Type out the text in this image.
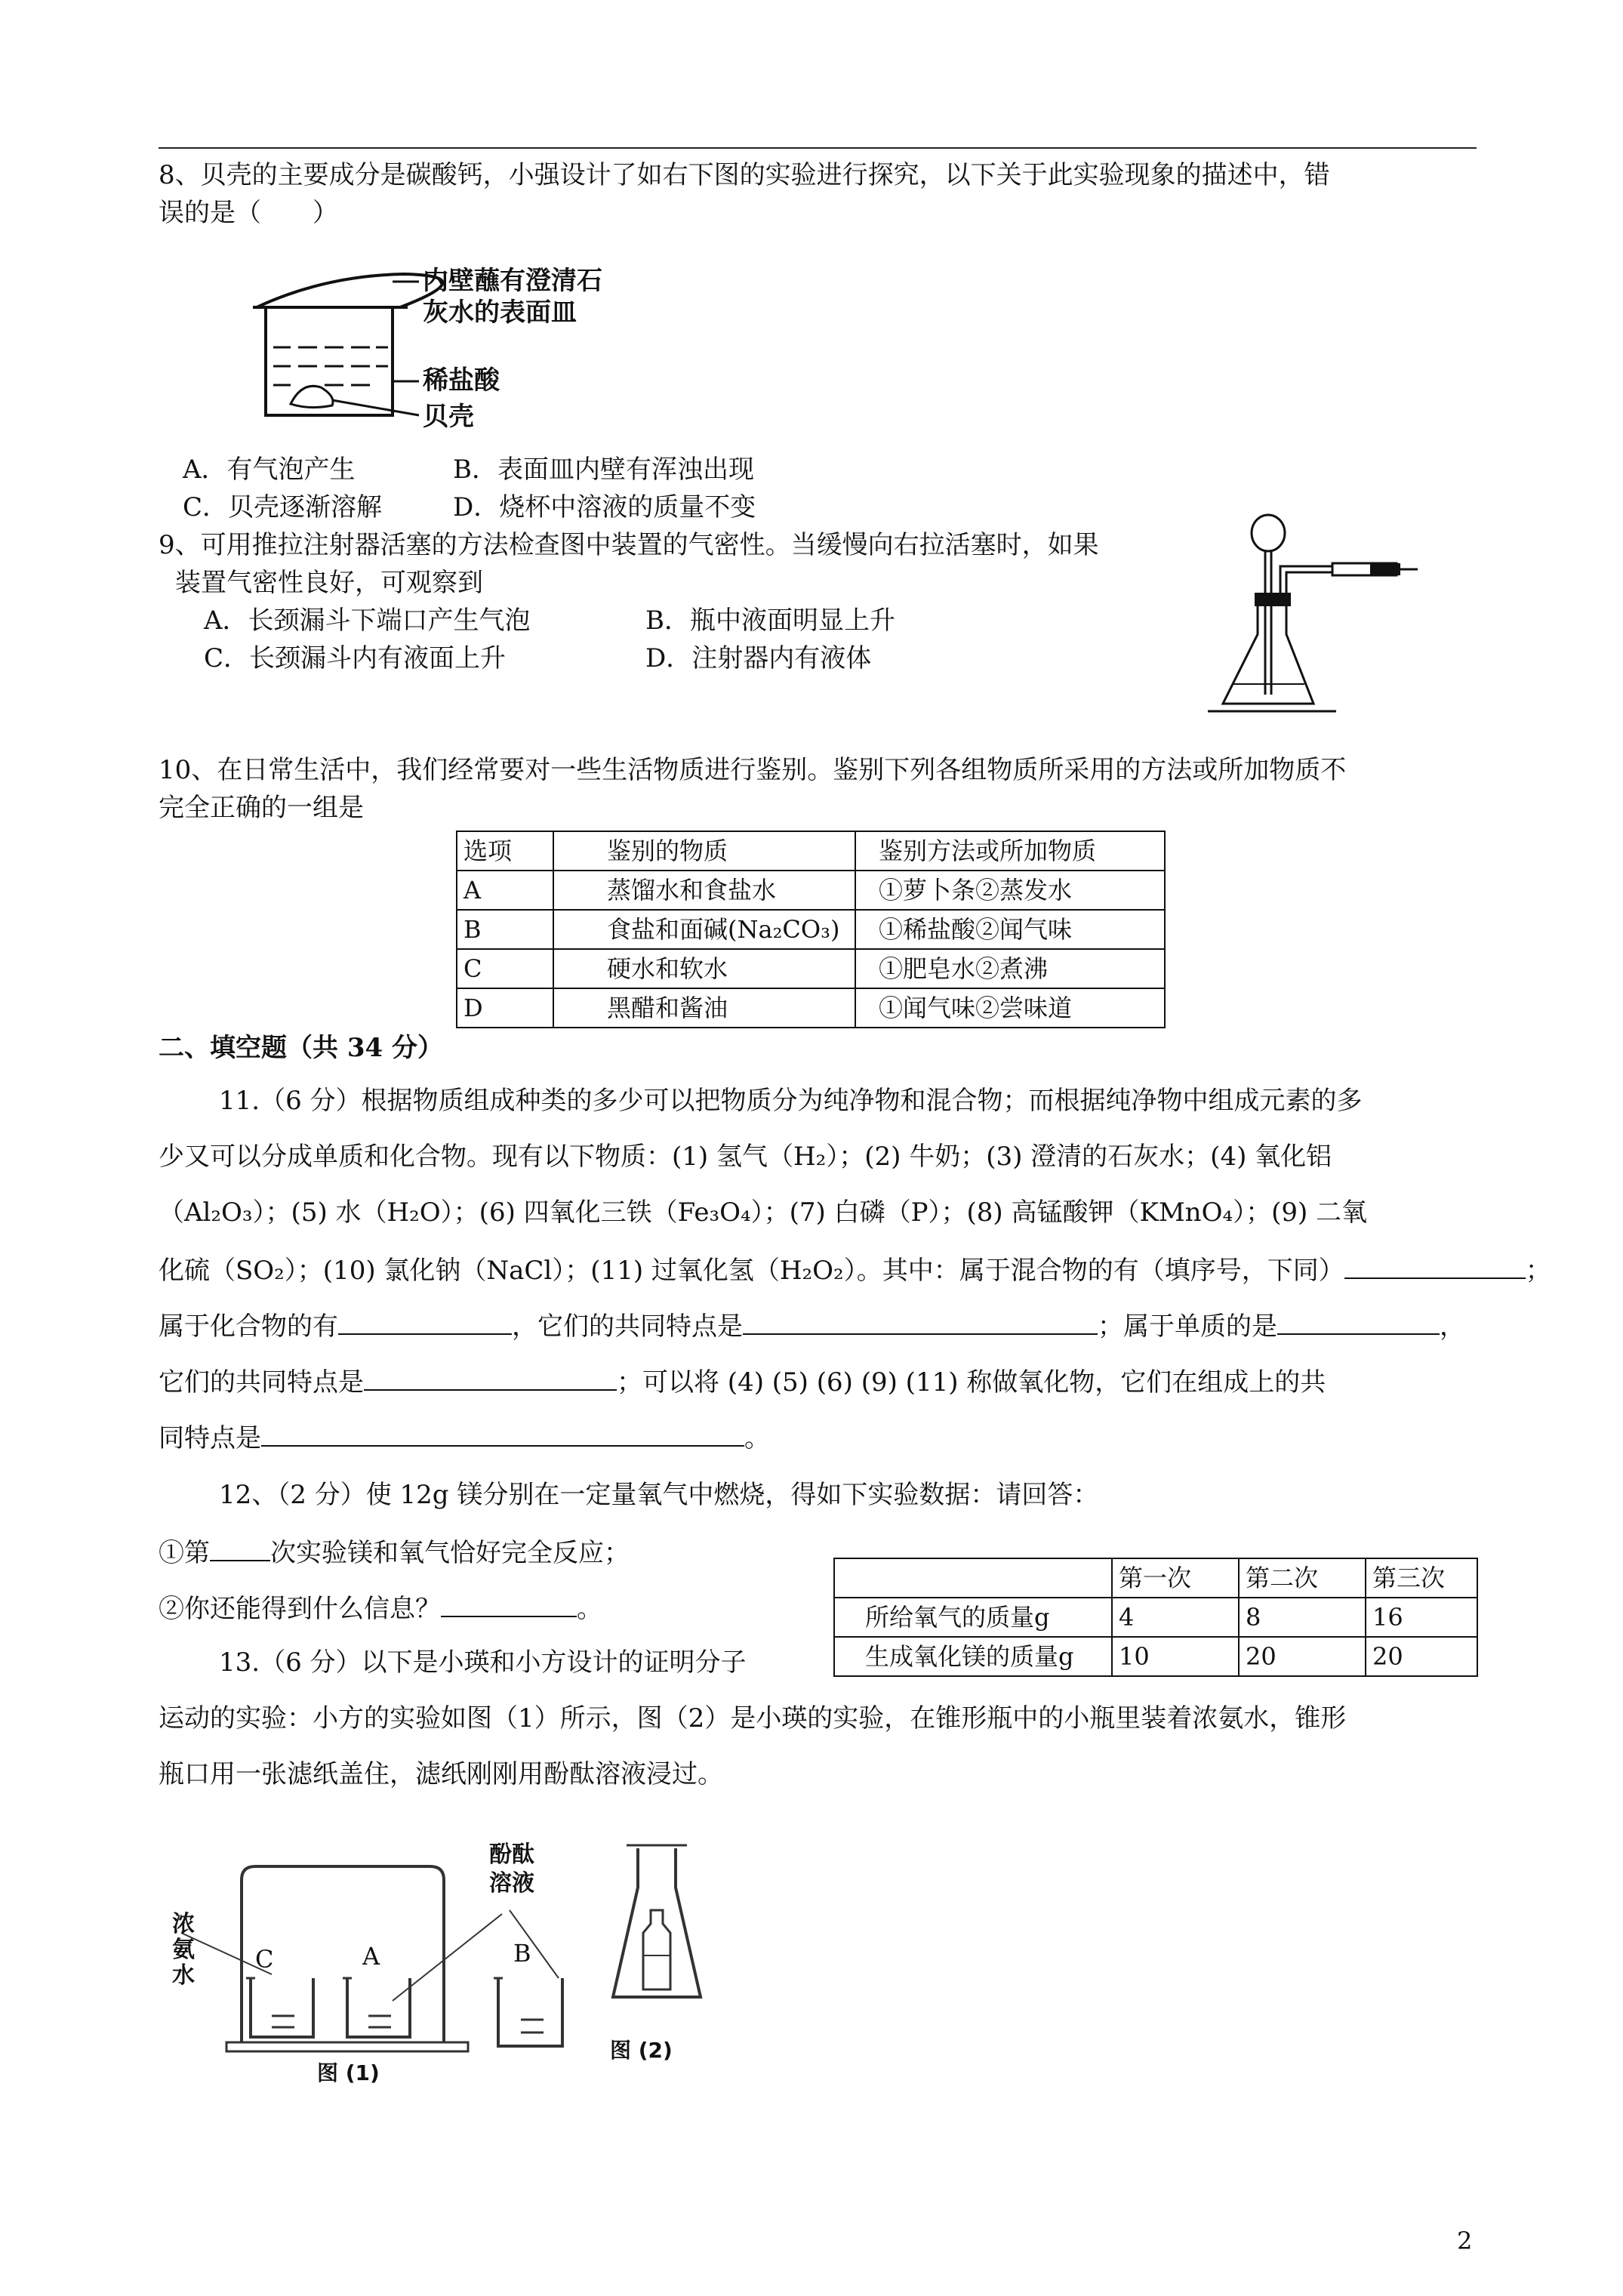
8、贝壳的主要成分是碳酸钙，小强设计了如右下图的实验进行探究，以下关于此实验现象的描述中，错
误的是（　　）
内壁蘸有澄清石
灰水的表面皿
稀盐酸
贝壳
A．有气泡产生	B．表面皿内壁有浑浊出现
C．贝壳逐渐溶解	D．烧杯中溶液的质量不变
9、可用推拉注射器活塞的方法检查图中装置的气密性。当缓慢向右拉活塞时，如果
装置气密性良好，可观察到
A．长颈漏斗下端口产生气泡	B．瓶中液面明显上升
C．长颈漏斗内有液面上升	D．注射器内有液体
10、在日常生活中，我们经常要对一些生活物质进行鉴别。鉴别下列各组物质所采用的方法或所加物质不
完全正确的一组是
选项	鉴别的物质	鉴别方法或所加物质
A	蒸馏水和食盐水	①萝卜条②蒸发水
B	食盐和面碱(Na₂CO₃)	①稀盐酸②闻气味
C	硬水和软水	①肥皂水②煮沸
D	黑醋和酱油	①闻气味②尝味道
二、填空题（共 34 分）
11.（6 分）根据物质组成种类的多少可以把物质分为纯净物和混合物；而根据纯净物中组成元素的多
少又可以分成单质和化合物。现有以下物质：(1) 氢气（H₂）；(2) 牛奶；(3) 澄清的石灰水；(4) 氧化铝
（Al₂O₃）；(5) 水（H₂O）；(6) 四氧化三铁（Fe₃O₄）；(7) 白磷（P）；(8) 高锰酸钾（KMnO₄）；(9) 二氧
化硫（SO₂）；(10) 氯化钠（NaCl）；(11) 过氧化氢（H₂O₂）。其中：属于混合物的有（填序号，下同）	；
属于化合物的有	，它们的共同特点是	；属于单质的是	，
它们的共同特点是	；可以将 (4) (5) (6) (9) (11) 称做氧化物，它们在组成上的共
同特点是	。
12、（2 分）使 12g 镁分别在一定量氧气中燃烧，得如下实验数据：请回答：
①第 次实验镁和氧气恰好完全反应；
②你还能得到什么信息？	。
	第一次	第二次	第三次
所给氧气的质量g	4	8	16
生成氧化镁的质量g	10	20	20
13.（6 分）以下是小瑛和小方设计的证明分子
运动的实验：小方的实验如图（1）所示，图（2）是小瑛的实验，在锥形瓶中的小瓶里装着浓氨水，锥形
瓶口用一张滤纸盖住，滤纸刚刚用酚酞溶液浸过。
浓
氨
水
酚酞
溶液
C	A	B
图 (1)
图 (2)
2
